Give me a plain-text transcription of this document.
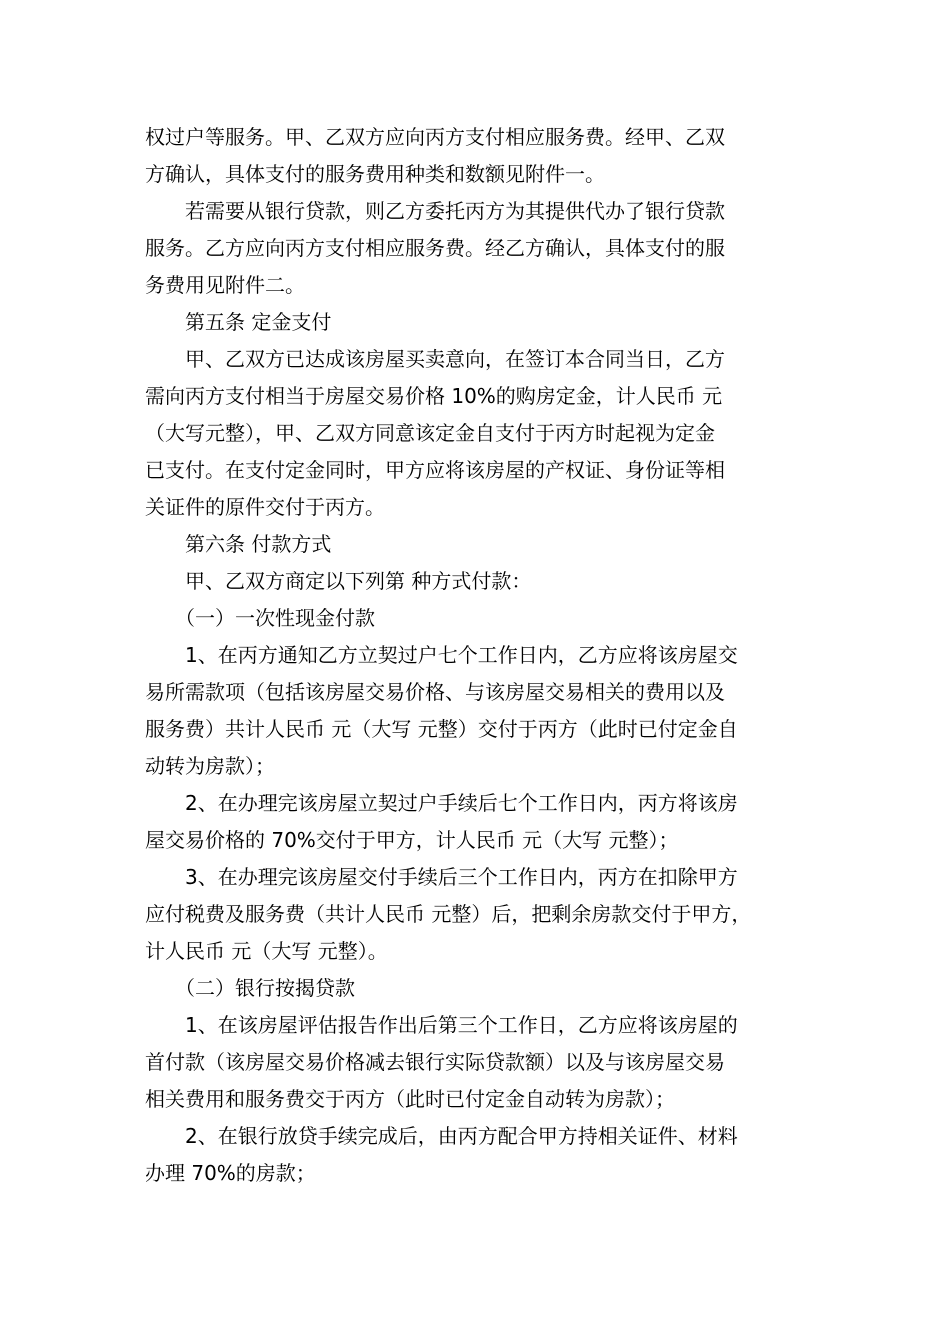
权过户等服务。甲、乙双方应向丙方支付相应服务费。经甲、乙双
方确认，具体支付的服务费用种类和数额见附件一。
　　若需要从银行贷款，则乙方委托丙方为其提供代办了银行贷款
服务。乙方应向丙方支付相应服务费。经乙方确认，具体支付的服
务费用见附件二。
　　第五条 定金支付
　　甲、乙双方已达成该房屋买卖意向，在签订本合同当日，乙方
需向丙方支付相当于房屋交易价格 10%的购房定金，计人民币 元
（大写元整），甲、乙双方同意该定金自支付于丙方时起视为定金
已支付。在支付定金同时，甲方应将该房屋的产权证、身份证等相
关证件的原件交付于丙方。
　　第六条 付款方式
　　甲、乙双方商定以下列第 种方式付款：
　　（一）一次性现金付款
　　1、在丙方通知乙方立契过户七个工作日内，乙方应将该房屋交
易所需款项（包括该房屋交易价格、与该房屋交易相关的费用以及
服务费）共计人民币 元（大写 元整）交付于丙方（此时已付定金自
动转为房款）；
　　2、在办理完该房屋立契过户手续后七个工作日内，丙方将该房
屋交易价格的 70%交付于甲方，计人民币 元（大写 元整）；
　　3、在办理完该房屋交付手续后三个工作日内，丙方在扣除甲方
应付税费及服务费（共计人民币 元整）后，把剩余房款交付于甲方，
计人民币 元（大写 元整）。
　　（二）银行按揭贷款
　　1、在该房屋评估报告作出后第三个工作日，乙方应将该房屋的
首付款（该房屋交易价格减去银行实际贷款额）以及与该房屋交易
相关费用和服务费交于丙方（此时已付定金自动转为房款）；
　　2、在银行放贷手续完成后，由丙方配合甲方持相关证件、材料
办理 70%的房款；
